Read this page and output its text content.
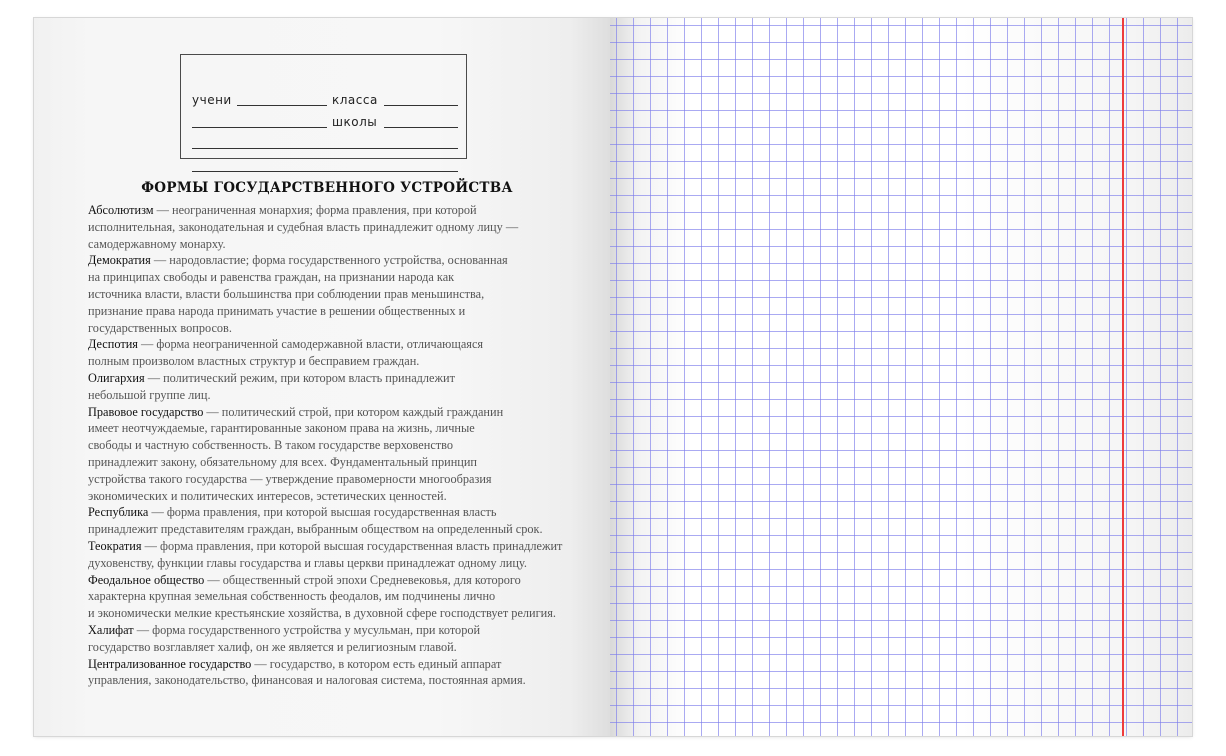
учени	класса
школы
ФОРМЫ ГОСУДАРСТВЕННОГО УСТРОЙСТВА
Абсолютизм — неограниченная монархия; форма правления, при которой
исполнительная, законодательная и судебная власть принадлежит одному лицу —
самодержавному монарху.
Демократия — народовластие; форма государственного устройства, основанная
на принципах свободы и равенства граждан, на признании народа как
источника власти, власти большинства при соблюдении прав меньшинства,
признание права народа принимать участие в решении общественных и
государственных вопросов.
Деспотия — форма неограниченной самодержавной власти, отличающаяся
полным произволом властных структур и бесправием граждан.
Олигархия — политический режим, при котором власть принадлежит
небольшой группе лиц.
Правовое государство — политический строй, при котором каждый гражданин
имеет неотчуждаемые, гарантированные законом права на жизнь, личные
свободы и частную собственность. В таком государстве верховенство
принадлежит закону, обязательному для всех. Фундаментальный принцип
устройства такого государства — утверждение правомерности многообразия
экономических и политических интересов, эстетических ценностей.
Республика — форма правления, при которой высшая государственная власть
принадлежит представителям граждан, выбранным обществом на определенный срок.
Теократия — форма правления, при которой высшая государственная власть принадлежит
духовенству, функции главы государства и главы церкви принадлежат одному лицу.
Феодальное общество — общественный строй эпохи Средневековья, для которого
характерна крупная земельная собственность феодалов, им подчинены лично
и экономически мелкие крестьянские хозяйства, в духовной сфере господствует религия.
Халифат — форма государственного устройства у мусульман, при которой
государство возглавляет халиф, он же является и религиозным главой.
Централизованное государство — государство, в котором есть единый аппарат
управления, законодательство, финансовая и налоговая система, постоянная армия.
